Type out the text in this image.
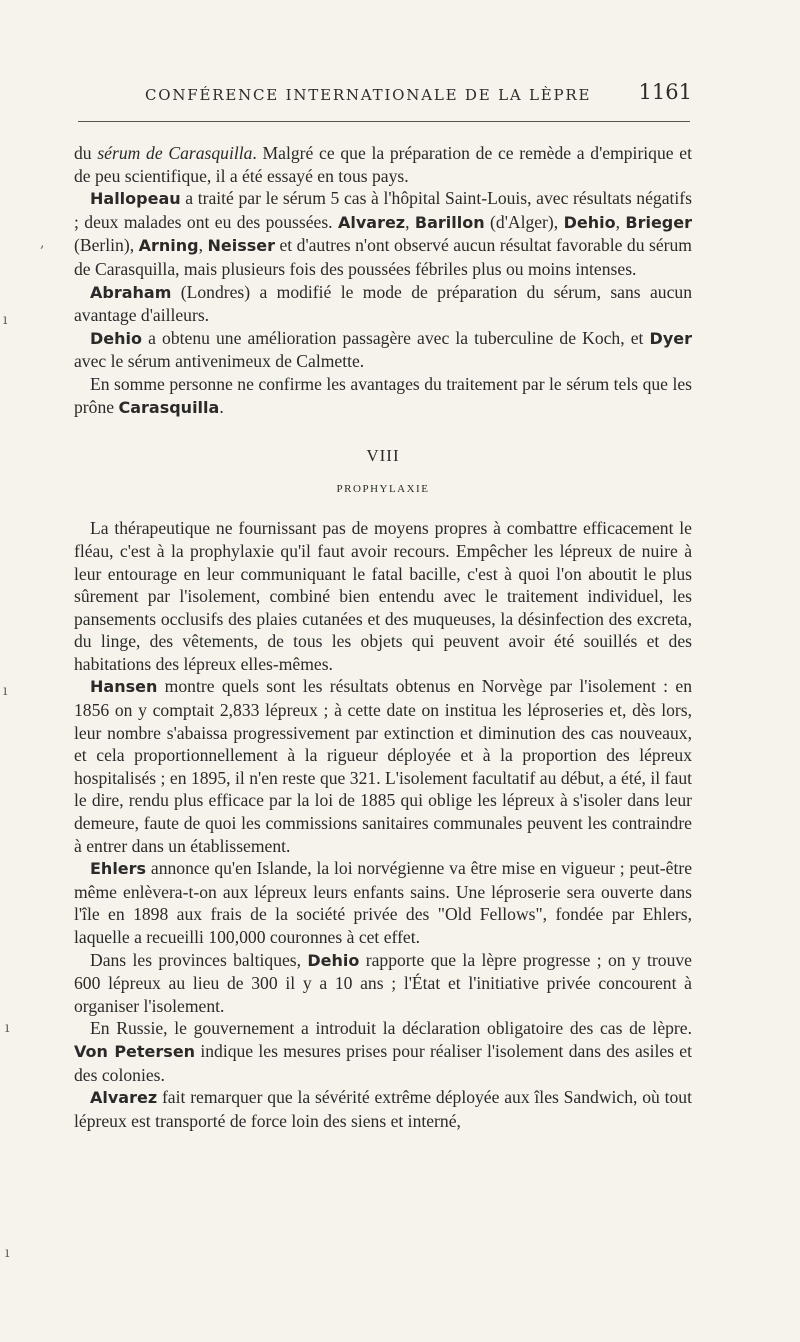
CONFÉRENCE INTERNATIONALE DE LA LÈPRE 1161

du sérum de Carasquilla. Malgré ce que la préparation de ce remède a d'empirique et de peu scientifique, il a été essayé en tous pays.

Hallopeau a traité par le sérum 5 cas à l'hôpital Saint-Louis, avec résultats négatifs ; deux malades ont eu des poussées. Alvarez, Barillon (d'Alger), Dehio, Brieger (Berlin), Arning, Neisser et d'autres n'ont observé aucun résultat favorable du sérum de Carasquilla, mais plusieurs fois des poussées fébriles plus ou moins intenses.

Abraham (Londres) a modifié le mode de préparation du sérum, sans aucun avantage d'ailleurs.

Dehio a obtenu une amélioration passagère avec la tuberculine de Koch, et Dyer avec le sérum antivenimeux de Calmette.

En somme personne ne confirme les avantages du traitement par le sérum tels que les prône Carasquilla.

VIII

PROPHYLAXIE

La thérapeutique ne fournissant pas de moyens propres à combattre efficacement le fléau, c'est à la prophylaxie qu'il faut avoir recours. Empêcher les lépreux de nuire à leur entourage en leur communiquant le fatal bacille, c'est à quoi l'on aboutit le plus sûrement par l'isolement, combiné bien entendu avec le traitement individuel, les pansements occlusifs des plaies cutanées et des muqueuses, la désinfection des excreta, du linge, des vêtements, de tous les objets qui peuvent avoir été souillés et des habitations des lépreux elles-mêmes.

Hansen montre quels sont les résultats obtenus en Norvège par l'isolement : en 1856 on y comptait 2,833 lépreux ; à cette date on institua les léproseries et, dès lors, leur nombre s'abaissa progressivement par extinction et diminution des cas nouveaux, et cela proportionnellement à la rigueur déployée et à la proportion des lépreux hospitalisés ; en 1895, il n'en reste que 321. L'isolement facultatif au début, a été, il faut le dire, rendu plus efficace par la loi de 1885 qui oblige les lépreux à s'isoler dans leur demeure, faute de quoi les commissions sanitaires communales peuvent les contraindre à entrer dans un établissement.

Ehlers annonce qu'en Islande, la loi norvégienne va être mise en vigueur ; peut-être même enlèvera-t-on aux lépreux leurs enfants sains. Une léproserie sera ouverte dans l'île en 1898 aux frais de la société privée des "Old Fellows", fondée par Ehlers, laquelle a recueilli 100,000 couronnes à cet effet.

Dans les provinces baltiques, Dehio rapporte que la lèpre progresse ; on y trouve 600 lépreux au lieu de 300 il y a 10 ans ; l'État et l'initiative privée concourent à organiser l'isolement.

En Russie, le gouvernement a introduit la déclaration obligatoire des cas de lèpre. Von Petersen indique les mesures prises pour réaliser l'isolement dans des asiles et des colonies.

Alvarez fait remarquer que la sévérité extrême déployée aux îles Sandwich, où tout lépreux est transporté de force loin des siens et interné,

,
ı
ı
ı
ı
